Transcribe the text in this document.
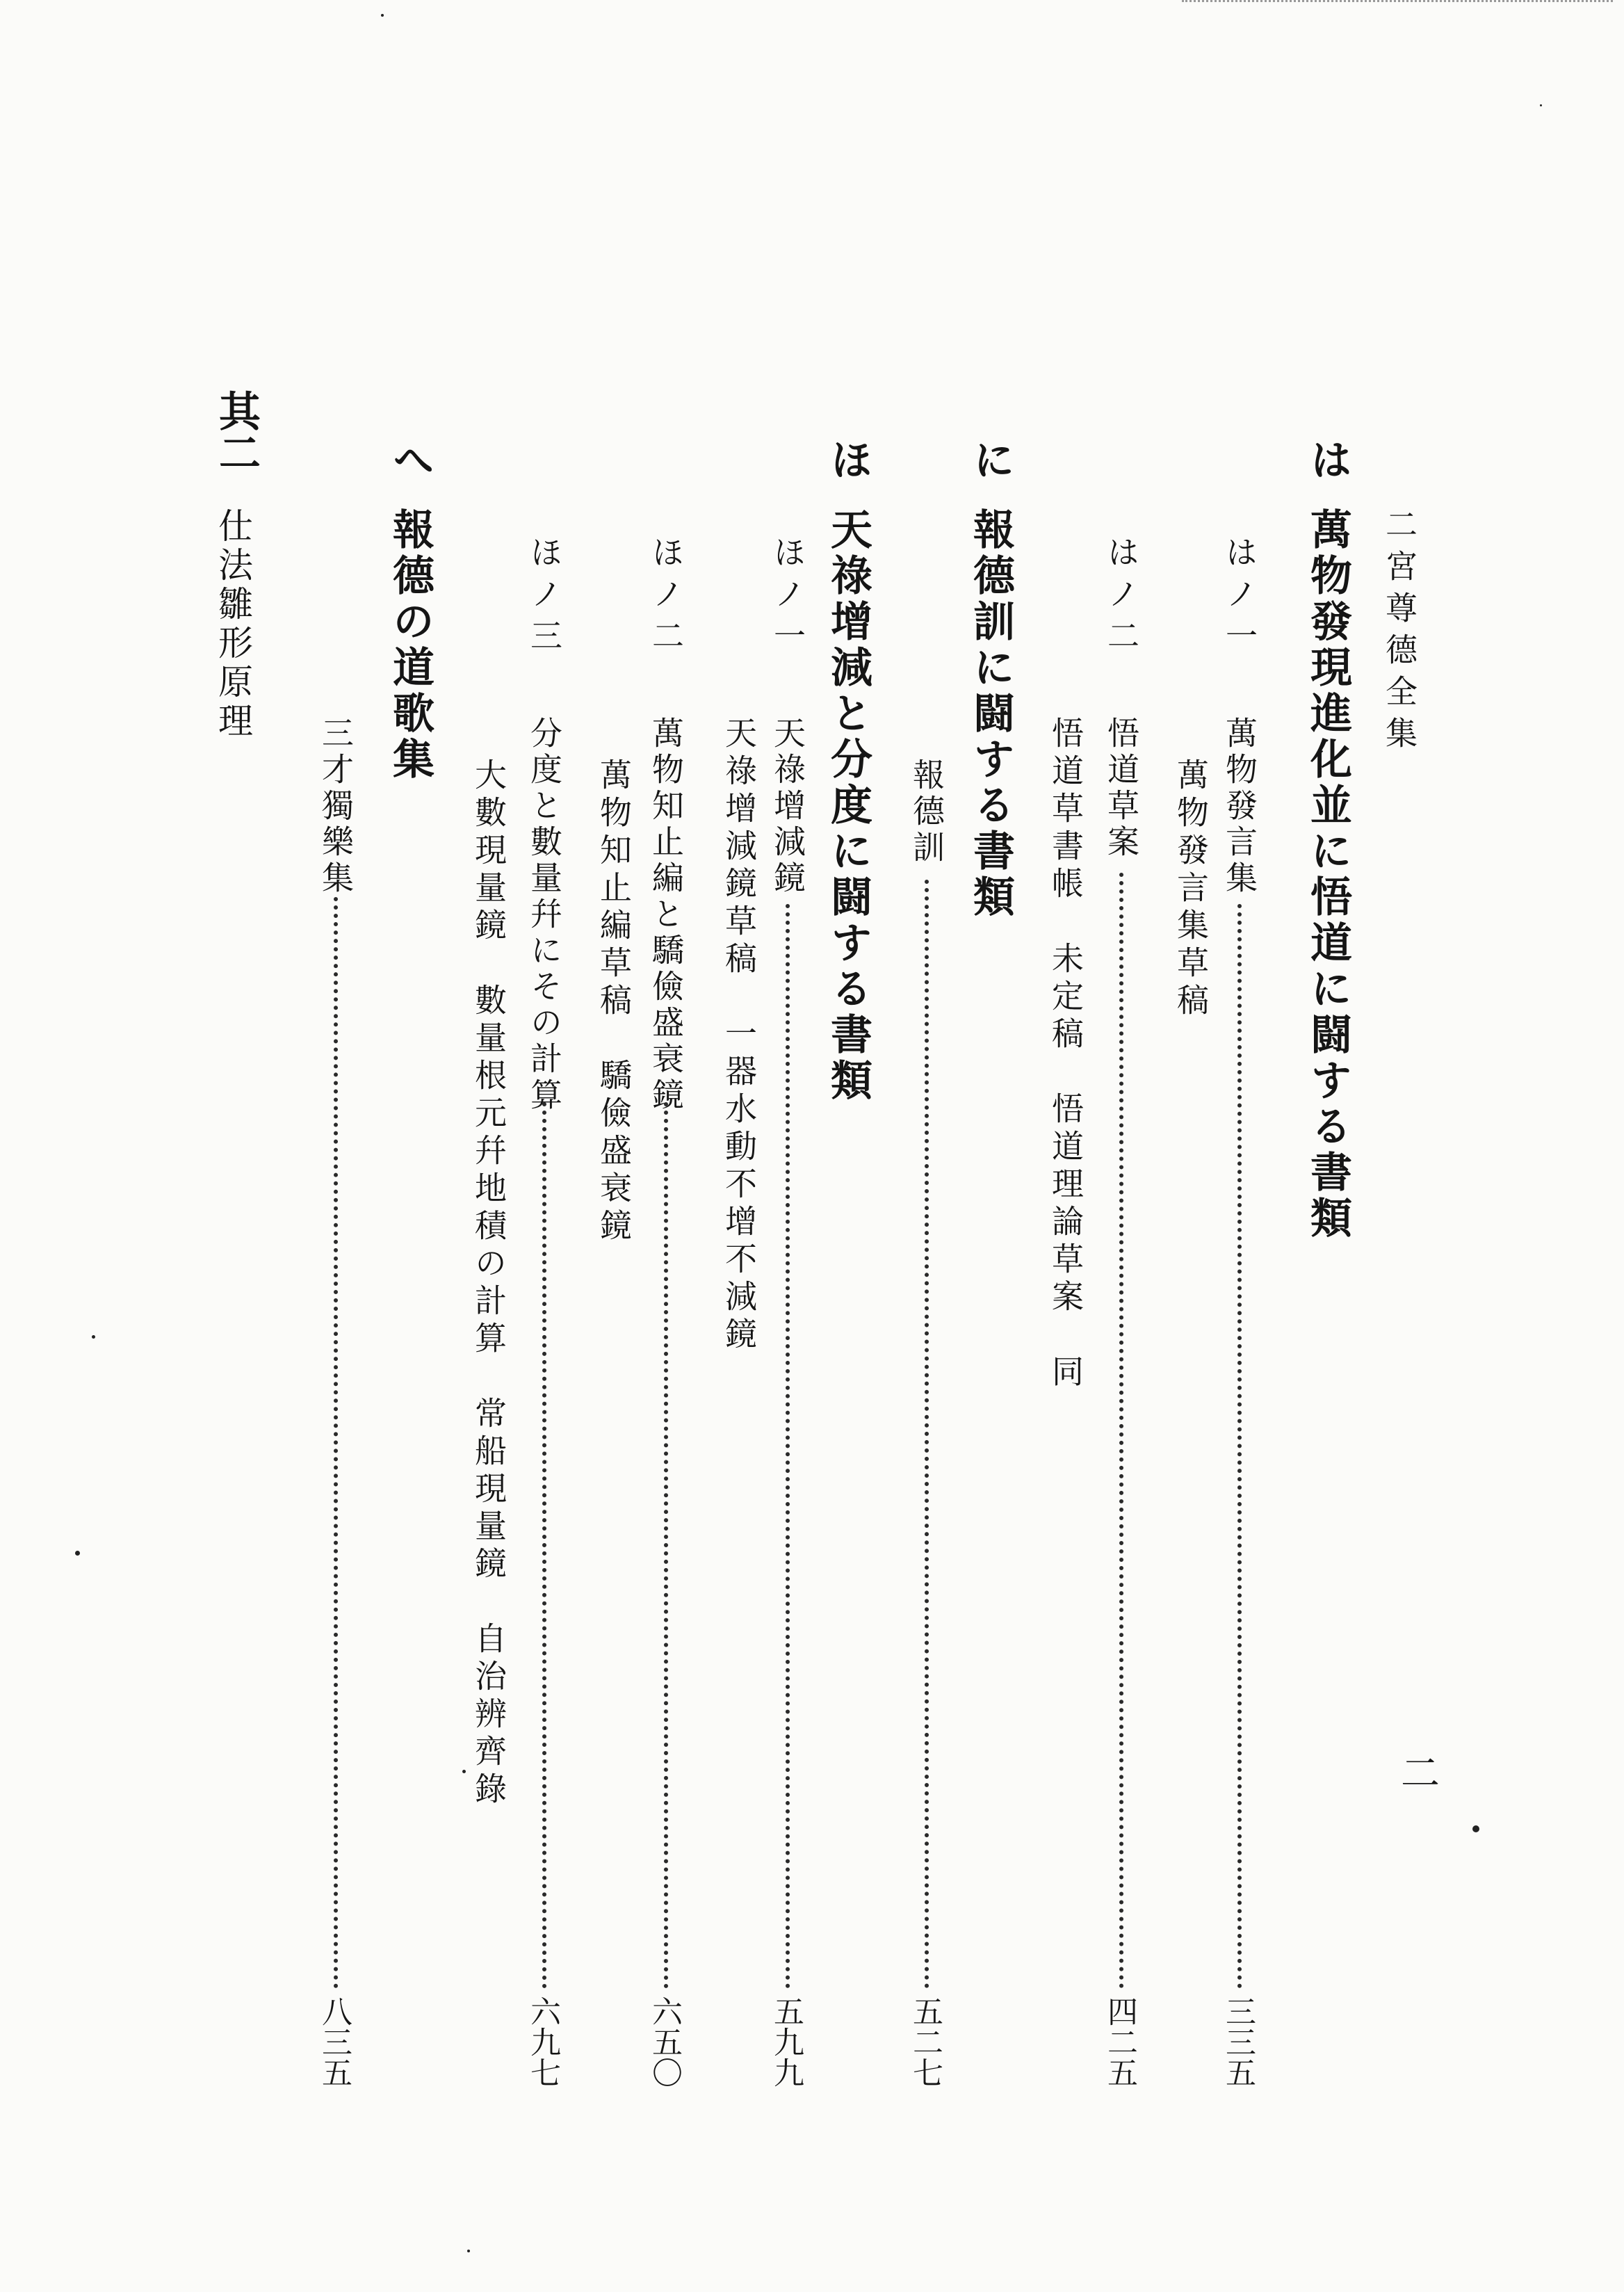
二宮尊德全集
二
は
萬物發現進化並に悟道に闘する書類
はノ一
萬物發言集
三三五
萬物發言集草稿
はノ二
悟道草案
四二五
悟道草書帳　未定稿　悟道理論草案　同
に
報德訓に闘する書類
報德訓
五二七
ほ
天祿增減と分度に闘する書類
ほノ一
天祿增減鏡
五九九
天祿增減鏡草稿　一器水動不增不減鏡
ほノ二
萬物知止編と驕儉盛衰鏡
六五〇
萬物知止編草稿　驕儉盛衰鏡
ほノ三
分度と數量幷にその計算
六九七
大數現量鏡　數量根元幷地積の計算　常船現量鏡　自治辨齊錄
へ
報德の道歌集
三才獨樂集
八三五
其二
仕法雛形原理
